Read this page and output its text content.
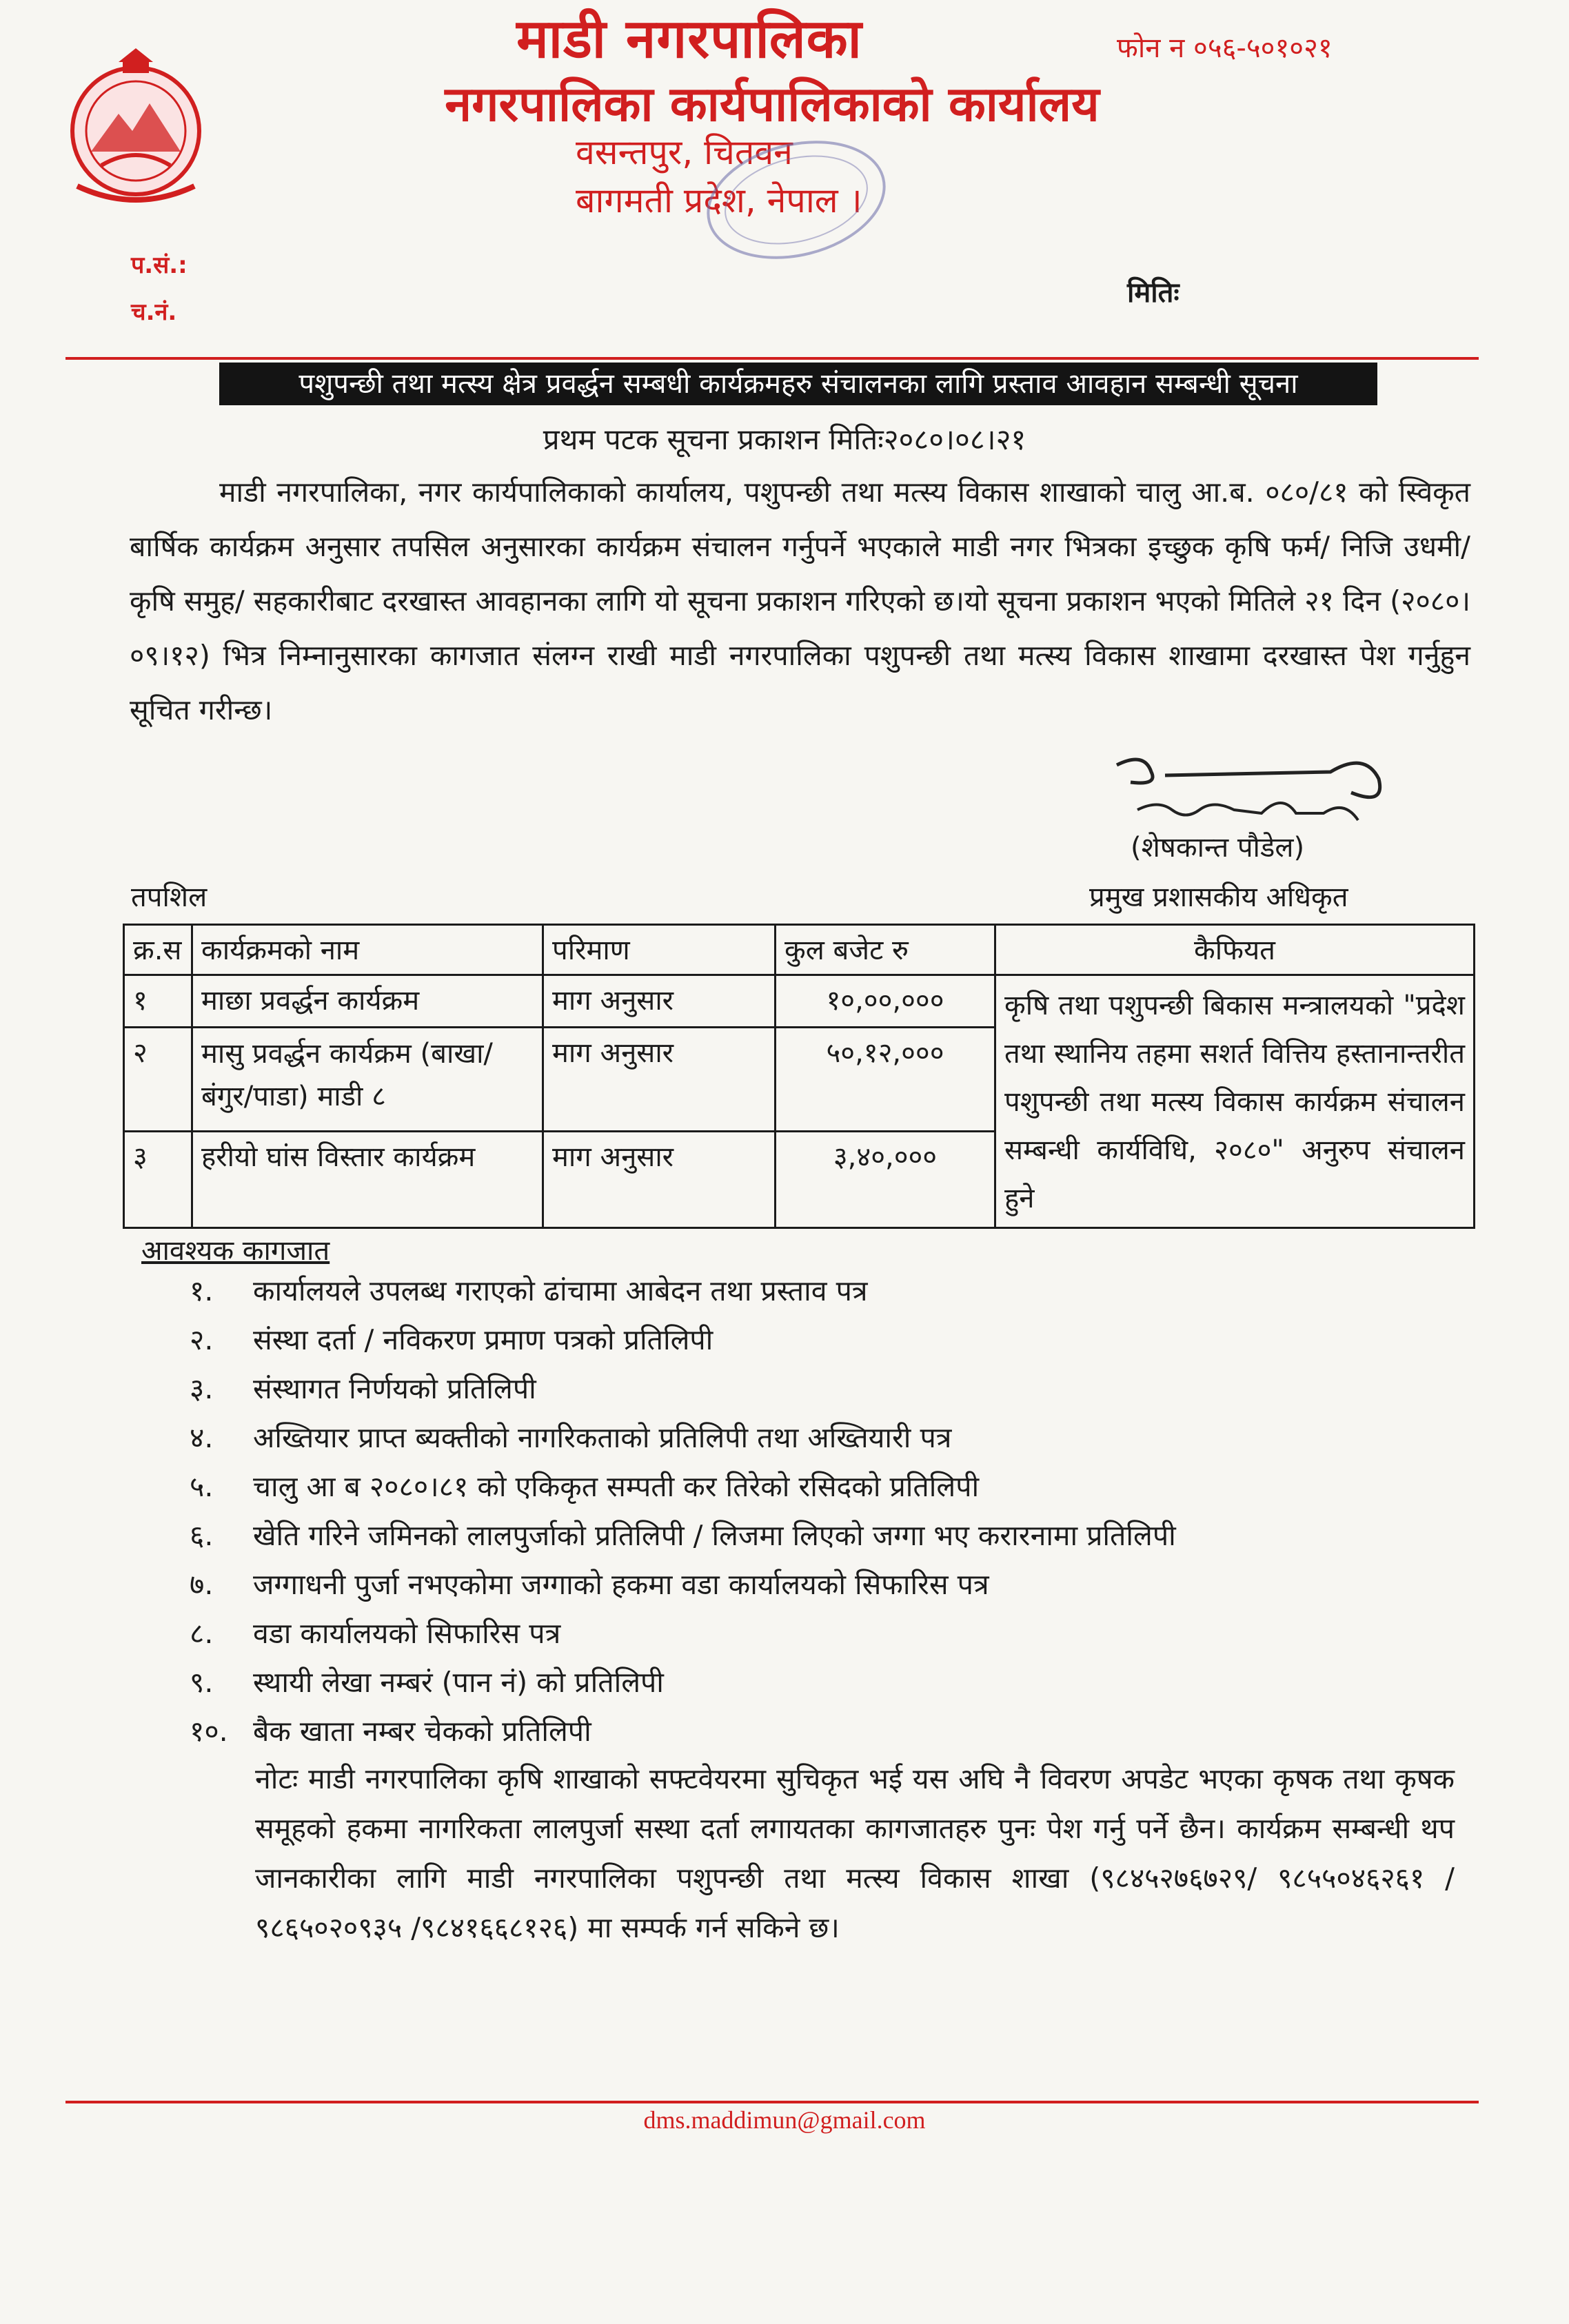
फोन न ०५६-५०१०२१
माडी नगरपालिका
नगरपालिका कार्यपालिकाको कार्यालय
वसन्तपुर, चितवन
बागमती प्रदेश, नेपाल ।
प.सं.:
च.नं.
मितिः
पशुपन्छी तथा मत्स्य क्षेत्र प्रवर्द्धन सम्बधी कार्यक्रमहरु संचालनका लागि प्रस्ताव आवहान सम्बन्धी सूचना
प्रथम पटक सूचना प्रकाशन मितिः२०८०।०८।२१
माडी नगरपालिका, नगर कार्यपालिकाको कार्यालय, पशुपन्छी तथा मत्स्य विकास शाखाको चालु आ.ब. ०८०/८१ को स्विकृत बार्षिक कार्यक्रम अनुसार तपसिल अनुसारका कार्यक्रम संचालन गर्नुपर्ने भएकाले माडी नगर भित्रका इच्छुक कृषि फर्म/ निजि उधमी/ कृषि समुह/ सहकारीबाट दरखास्त आवहानका लागि यो सूचना प्रकाशन गरिएको छ।यो सूचना प्रकाशन भएको मितिले २१ दिन (२०८०।०९।१२) भित्र निम्नानुसारका कागजात संलग्न राखी माडी नगरपालिका पशुपन्छी तथा मत्स्य विकास शाखामा दरखास्त पेश गर्नुहुन सूचित गरीन्छ।
(शेषकान्त पौडेल)
प्रमुख प्रशासकीय अधिकृत
तपशिल
क्र.स	कार्यक्रमको नाम	परिमाण	कुल बजेट रु	कैफियत
१	माछा प्रवर्द्धन कार्यक्रम	माग अनुसार	१०,००,०००	कृषि तथा पशुपन्छी बिकास मन्त्रालयको "प्रदेश तथा स्थानिय तहमा सशर्त वित्तिय हस्तानान्तरीत पशुपन्छी तथा मत्स्य विकास कार्यक्रम संचालन सम्बन्धी कार्यविधि, २०८०" अनुरुप संचालन हुने
२	मासु प्रवर्द्धन कार्यक्रम (बाखा/बंगुर/पाडा) माडी ८	माग अनुसार	५०,१२,०००	
३	हरीयो घांस विस्तार कार्यक्रम	माग अनुसार	३,४०,०००	
आवश्यक कागजात
१. कार्यालयले उपलब्ध गराएको ढांचामा आबेदन तथा प्रस्ताव पत्र
२. संस्था दर्ता / नविकरण प्रमाण पत्रको प्रतिलिपी
३. संस्थागत निर्णयको प्रतिलिपी
४. अख्तियार प्राप्त ब्यक्तीको नागरिकताको प्रतिलिपी तथा अख्तियारी पत्र
५. चालु आ ब २०८०।८१ को एकिकृत सम्पती कर तिरेको रसिदको प्रतिलिपी
६. खेति गरिने जमिनको लालपुर्जाको प्रतिलिपी / लिजमा लिएको जग्गा भए करारनामा प्रतिलिपी
७. जग्गाधनी पुर्जा नभएकोमा जग्गाको हकमा वडा कार्यालयको सिफारिस पत्र
८. वडा कार्यालयको सिफारिस पत्र
९. स्थायी लेखा नम्बरं (पान नं) को प्रतिलिपी
१०. बैक खाता नम्बर चेकको प्रतिलिपी
नोटः माडी नगरपालिका कृषि शाखाको सफ्टवेयरमा सुचिकृत भई यस अघि नै विवरण अपडेट भएका कृषक तथा कृषक समूहको हकमा नागरिकता लालपुर्जा सस्था दर्ता लगायतका कागजातहरु पुनः पेश गर्नु पर्ने छैन। कार्यक्रम सम्बन्धी थप जानकारीका लागि माडी नगरपालिका पशुपन्छी तथा मत्स्य विकास शाखा (९८४५२७६७२९/ ९८५५०४६२६१ /९८६५०२०९३५ /९८४१६६८१२६) मा सम्पर्क गर्न सकिने छ।
dms.maddimun@gmail.com
